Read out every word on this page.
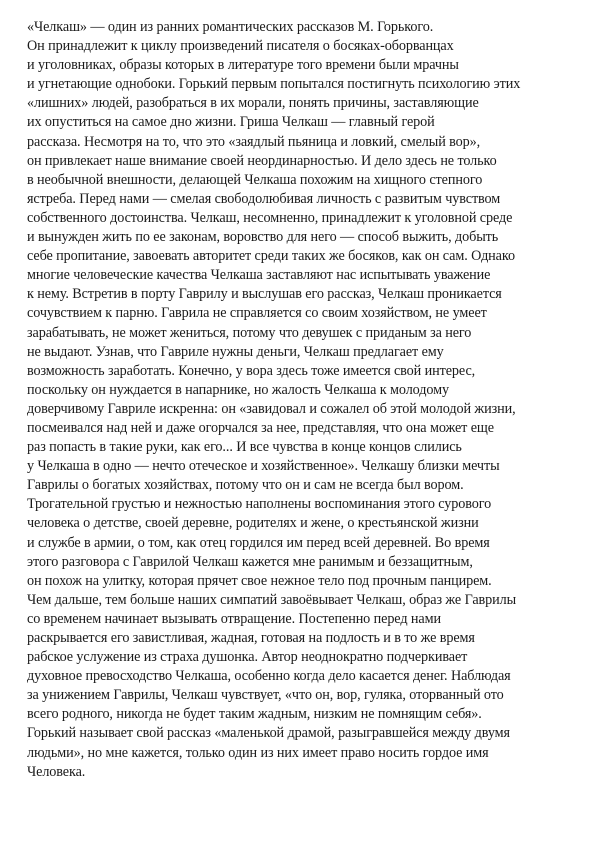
«Челкаш» — один из ранних романтических рассказов М. Горького.
Он принадлежит к циклу произведений писателя о босяках-оборванцах
и уголовниках, образы которых в литературе того времени были мрачны
и угнетающие однобоки. Горький первым попытался постигнуть психологию этих
«лишних» людей, разобраться в их морали, понять причины, заставляющие
их опуститься на самое дно жизни. Гриша Челкаш — главный герой
рассказа. Несмотря на то, что это «заядлый пьяница и ловкий, смелый вор»,
он привлекает наше внимание своей неординарностью. И дело здесь не только
в необычной внешности, делающей Челкаша похожим на хищного степного
ястреба. Перед нами — смелая свободолюбивая личность с развитым чувством
собственного достоинства. Челкаш, несомненно, принадлежит к уголовной среде
и вынужден жить по ее законам, воровство для него — способ выжить, добыть
себе пропитание, завоевать авторитет среди таких же босяков, как он сам. Однако
многие человеческие качества Челкаша заставляют нас испытывать уважение
к нему. Встретив в порту Гаврилу и выслушав его рассказ, Челкаш проникается
сочувствием к парню. Гаврила не справляется со своим хозяйством, не умеет
зарабатывать, не может жениться, потому что девушек с приданым за него
не выдают. Узнав, что Гавриле нужны деньги, Челкаш предлагает ему
возможность заработать. Конечно, у вора здесь тоже имеется свой интерес,
поскольку он нуждается в напарнике, но жалость Челкаша к молодому
доверчивому Гавриле искренна: он «завидовал и сожалел об этой молодой жизни,
посмеивался над ней и даже огорчался за нее, представляя, что она может еще
раз попасть в такие руки, как его... И все чувства в конце концов слились
у Челкаша в одно — нечто отеческое и хозяйственное». Челкашу близки мечты
Гаврилы о богатых хозяйствах, потому что он и сам не всегда был вором.
Трогательной грустью и нежностью наполнены воспоминания этого сурового
человека о детстве, своей деревне, родителях и жене, о крестьянской жизни
и службе в армии, о том, как отец гордился им перед всей деревней. Во время
этого разговора с Гаврилой Челкаш кажется мне ранимым и беззащитным,
он похож на улитку, которая прячет свое нежное тело под прочным панцирем.
Чем дальше, тем больше наших симпатий завоёвывает Челкаш, образ же Гаврилы
со временем начинает вызывать отвращение. Постепенно перед нами
раскрывается его завистливая, жадная, готовая на подлость и в то же время
рабское услужение из страха душонка. Автор неоднократно подчеркивает
духовное превосходство Челкаша, особенно когда дело касается денег. Наблюдая
за унижением Гаврилы, Челкаш чувствует, «что он, вор, гуляка, оторванный ото
всего родного, никогда не будет таким жадным, низким не помнящим себя».
Горький называет свой рассказ «маленькой драмой, разыгравшейся между двумя
людьми», но мне кажется, только один из них имеет право носить гордое имя
Человека.
